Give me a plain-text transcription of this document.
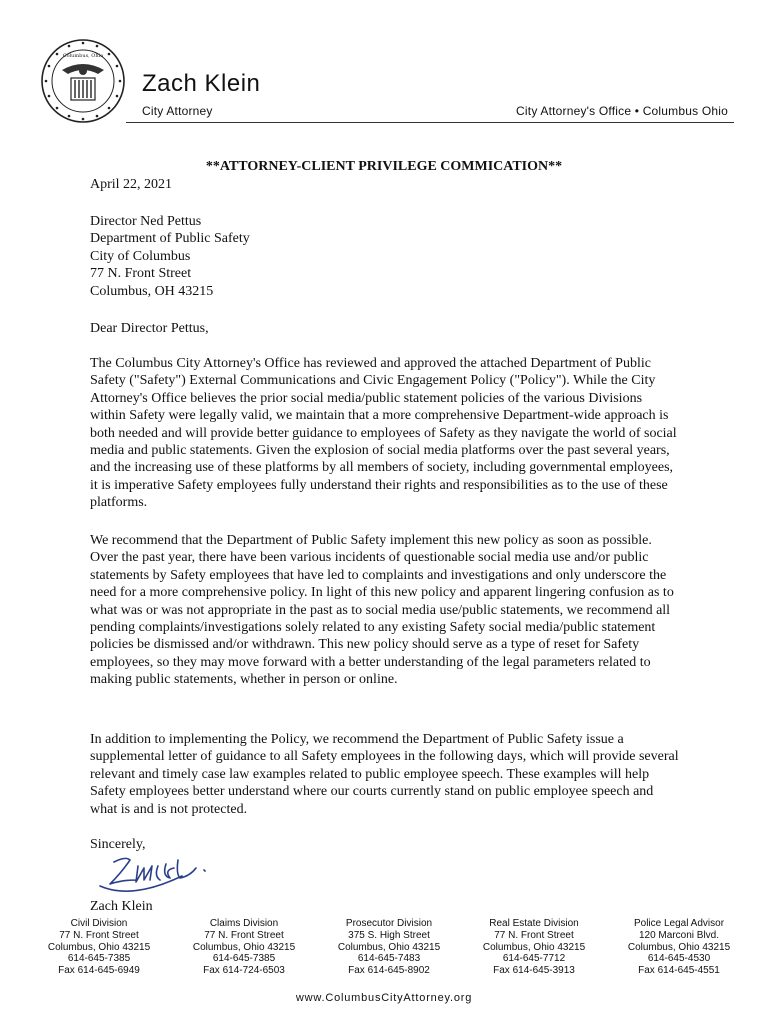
Columbus, Ohio
Zach Klein
City Attorney	City Attorney's Office • Columbus Ohio
**ATTORNEY-CLIENT PRIVILEGE COMMICATION**
April 22, 2021
Director Ned Pettus
Department of Public Safety
City of Columbus
77 N. Front Street
Columbus, OH 43215
Dear Director Pettus,

The Columbus City Attorney's Office has reviewed and approved the attached Department of Public Safety ("Safety") External Communications and Civic Engagement Policy ("Policy"). While the City Attorney's Office believes the prior social media/public statement policies of the various Divisions within Safety were legally valid, we maintain that a more comprehensive Department-wide approach is both needed and will provide better guidance to employees of Safety as they navigate the world of social media and public statements. Given the explosion of social media platforms over the past several years, and the increasing use of these platforms by all members of society, including governmental employees, it is imperative Safety employees fully understand their rights and responsibilities as to the use of these platforms.

We recommend that the Department of Public Safety implement this new policy as soon as possible. Over the past year, there have been various incidents of questionable social media use and/or public statements by Safety employees that have led to complaints and investigations and only underscore the need for a more comprehensive policy. In light of this new policy and apparent lingering confusion as to what was or was not appropriate in the past as to social media use/public statements, we recommend all pending complaints/investigations solely related to any existing Safety social media/public statement policies be dismissed and/or withdrawn. This new policy should serve as a type of reset for Safety employees, so they may move forward with a better understanding of the legal parameters related to making public statements, whether in person or online.

In addition to implementing the Policy, we recommend the Department of Public Safety issue a supplemental letter of guidance to all Safety employees in the following days, which will provide several relevant and timely case law examples related to public employee speech. These examples will help Safety employees better understand where our courts currently stand on public employee speech and what is and is not protected.

Sincerely,
Zach Klein
Civil Division
77 N. Front Street
Columbus, Ohio 43215
614-645-7385
Fax 614-645-6949
Claims Division
77 N. Front Street
Columbus, Ohio 43215
614-645-7385
Fax 614-724-6503
Prosecutor Division
375 S. High Street
Columbus, Ohio 43215
614-645-7483
Fax 614-645-8902
Real Estate Division
77 N. Front Street
Columbus, Ohio 43215
614-645-7712
Fax 614-645-3913
Police Legal Advisor
120 Marconi Blvd.
Columbus, Ohio 43215
614-645-4530
Fax 614-645-4551
www.ColumbusCityAttorney.org
